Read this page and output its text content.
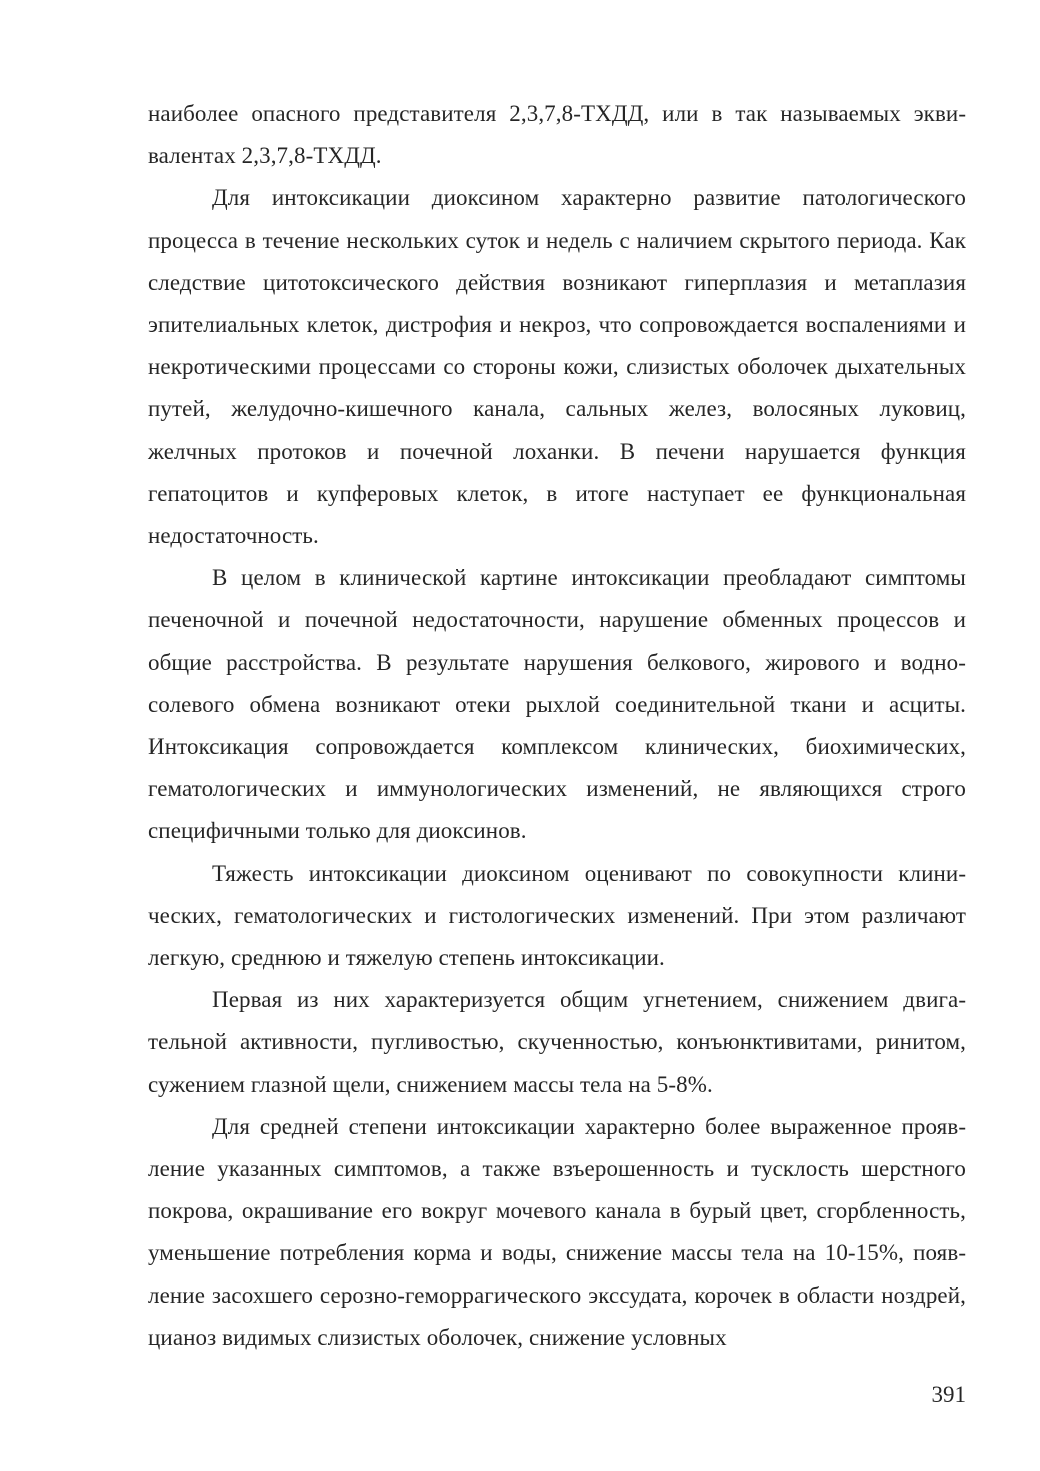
наиболее опасного представителя 2,3,7,8-ТХДД, или в так называемых эквивалентах 2,3,7,8-ТХДД.

Для интоксикации диоксином характерно развитие патологического процесса в течение нескольких суток и недель с наличием скрытого периода. Как следствие цитотоксического действия возникают гиперплазия и метаплазия эпителиальных клеток, дистрофия и некроз, что сопровождается воспалениями и некротическими процессами со стороны кожи, слизистых оболочек дыхательных путей, желудочно-кишечного канала, сальных желез, волосяных луковиц, желчных протоков и почечной лоханки. В печени нарушается функция гепатоцитов и купферовых клеток, в итоге наступает ее функциональная недостаточность.

В целом в клинической картине интоксикации преобладают симптомы печеночной и почечной недостаточности, нарушение обменных процессов и общие расстройства. В результате нарушения белкового, жирового и водно-солевого обмена возникают отеки рыхлой соединительной ткани и асциты. Интоксикация сопровождается комплексом клинических, биохимических, гематологических и иммунологических изменений, не являющихся строго специфичными только для диоксинов.

Тяжесть интоксикации диоксином оценивают по совокупности клинических, гематологических и гистологических изменений. При этом различают легкую, среднюю и тяжелую степень интоксикации.

Первая из них характеризуется общим угнетением, снижением двигательной активности, пугливостью, скученностью, конъюнктивитами, ринитом, сужением глазной щели, снижением массы тела на 5-8%.

Для средней степени интоксикации характерно более выраженное проявление указанных симптомов, а также взъерошенность и тусклость шерстного покрова, окрашивание его вокруг мочевого канала в бурый цвет, сгорбленность, уменьшение потребления корма и воды, снижение массы тела на 10-15%, появление засохшего серозно-геморрагического экссудата, корочек в области ноздрей, цианоз видимых слизистых оболочек, снижение условных

391
